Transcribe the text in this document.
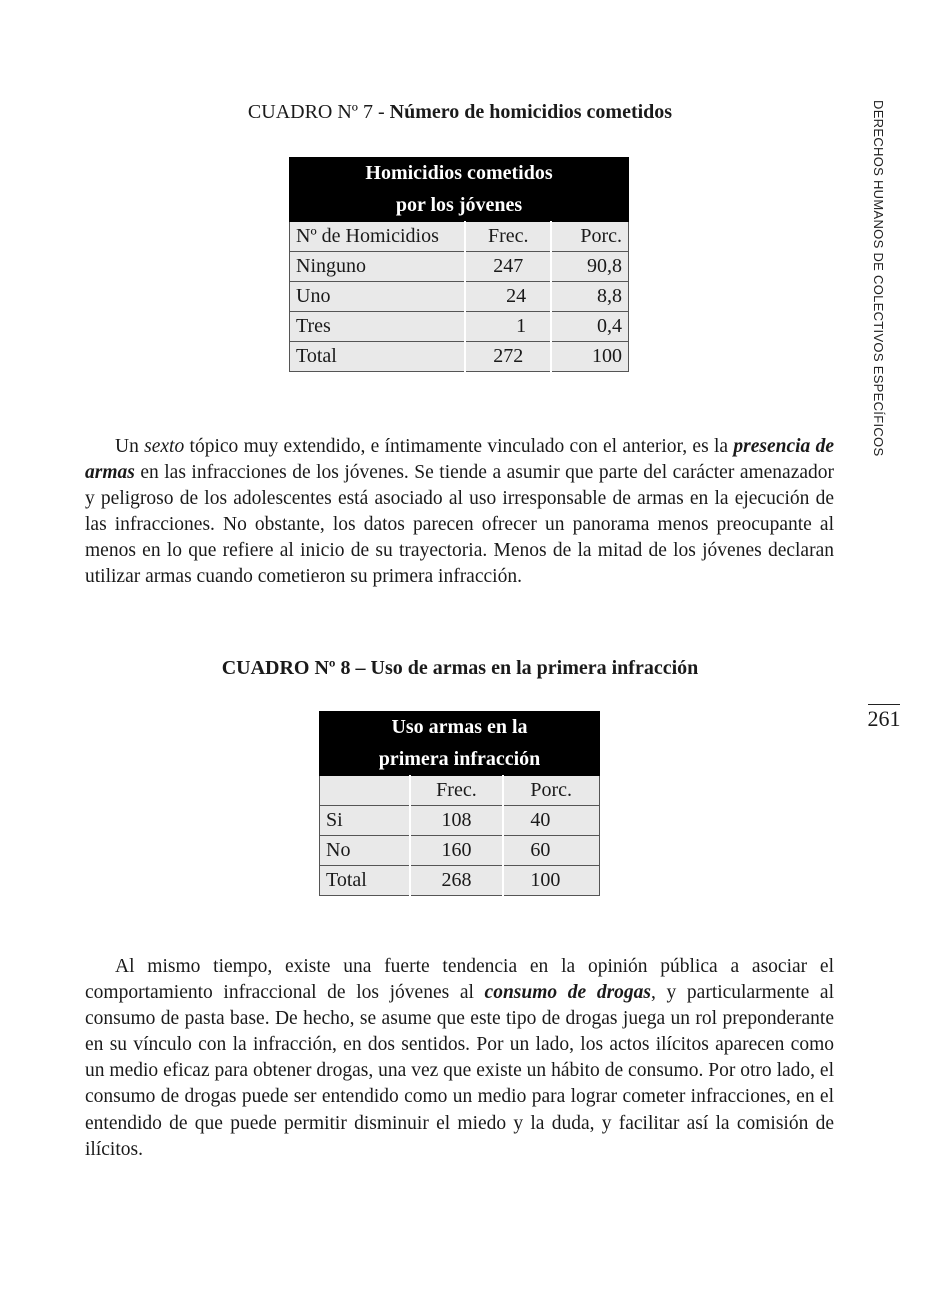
DERECHOS HUMANOS DE COLECTIVOS ESPECÍFICOS
261
CUADRO Nº 7 - Número de homicidios cometidos
Homicidios cometidos		
por los jóvenes		
Nº de Homicidios	Frec.	Porc.
Ninguno	247	90,8
Uno	24	8,8
Tres	1	0,4
Total	272	100

Un sexto tópico muy extendido, e íntimamente vinculado con el anterior, es la presencia de armas en las infracciones de los jóvenes. Se tiende a asumir que parte del carácter amenazador y peligroso de los adolescentes está asociado al uso irresponsable de armas en la ejecución de las infracciones. No obstante, los datos parecen ofrecer un panorama menos preocupante al menos en lo que refiere al inicio de su trayectoria. Menos de la mitad de los jóvenes declaran utilizar armas cuando cometieron su primera infracción.

CUADRO Nº 8 – Uso de armas en la primera infracción
Uso armas en la		
primera infracción		
	Frec.	Porc.
Si	108	40
No	160	60
Total	268	100

Al mismo tiempo, existe una fuerte tendencia en la opinión pública a asociar el comportamiento infraccional de los jóvenes al consumo de drogas, y particularmente al consumo de pasta base. De hecho, se asume que este tipo de drogas juega un rol preponderante en su vínculo con la infracción, en dos sentidos. Por un lado, los actos ilícitos aparecen como un medio eficaz para obtener drogas, una vez que existe un hábito de consumo. Por otro lado, el consumo de drogas puede ser entendido como un medio para lograr cometer infracciones, en el entendido de que puede permitir disminuir el miedo y la duda, y facilitar así la comisión de ilícitos.
